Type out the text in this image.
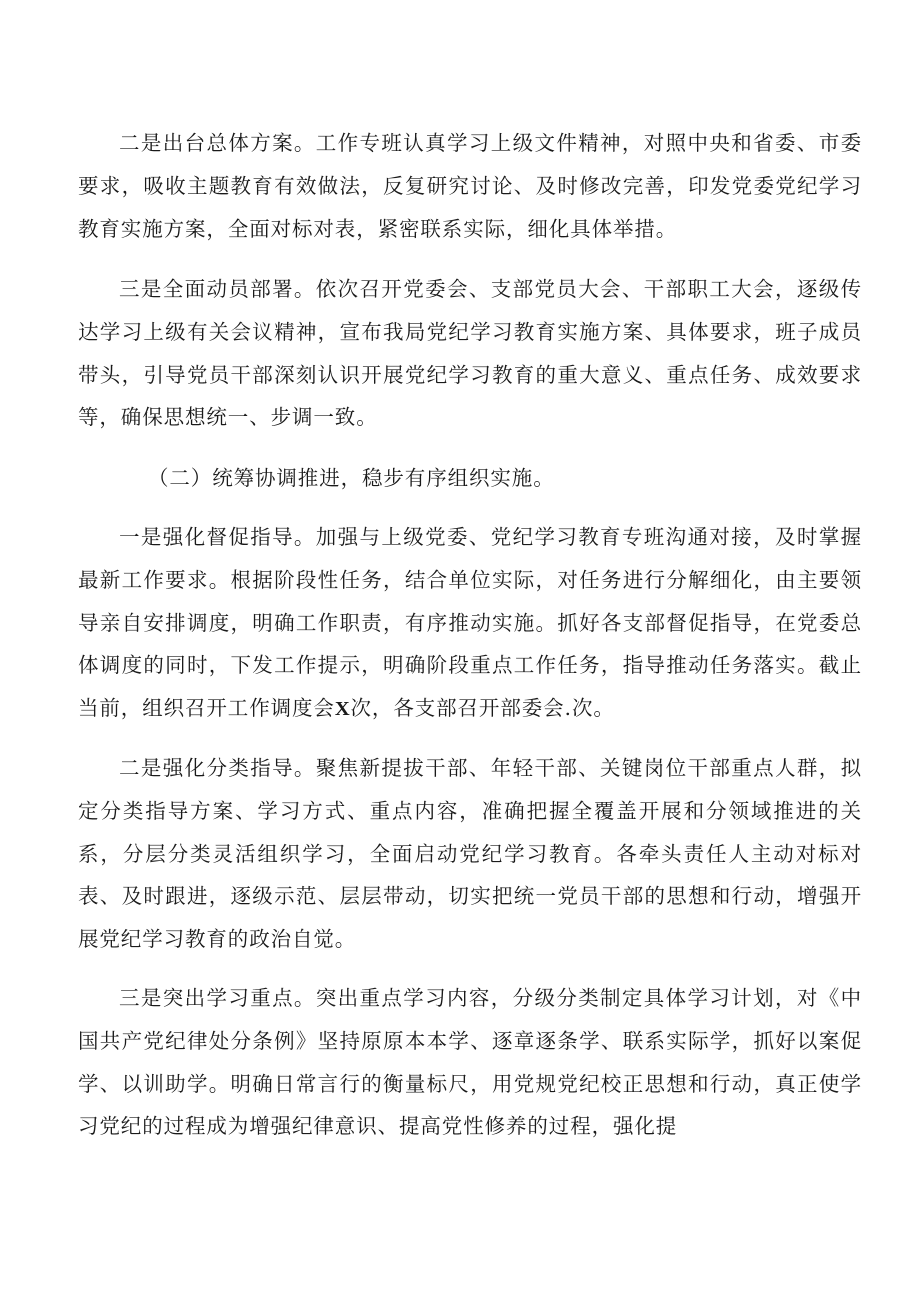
二是出台总体方案。工作专班认真学习上级文件精神，对照中央和省委、市委要求，吸收主题教育有效做法，反复研究讨论、及时修改完善，印发党委党纪学习教育实施方案，全面对标对表，紧密联系实际，细化具体举措。

三是全面动员部署。依次召开党委会、支部党员大会、干部职工大会，逐级传达学习上级有关会议精神，宣布我局党纪学习教育实施方案、具体要求，班子成员带头，引导党员干部深刻认识开展党纪学习教育的重大意义、重点任务、成效要求等，确保思想统一、步调一致。

（二）统筹协调推进，稳步有序组织实施。

一是强化督促指导。加强与上级党委、党纪学习教育专班沟通对接，及时掌握最新工作要求。根据阶段性任务，结合单位实际，对任务进行分解细化，由主要领导亲自安排调度，明确工作职责，有序推动实施。抓好各支部督促指导，在党委总体调度的同时，下发工作提示，明确阶段重点工作任务，指导推动任务落实。截止当前，组织召开工作调度会X次，各支部召开部委会.次。

二是强化分类指导。聚焦新提拔干部、年轻干部、关键岗位干部重点人群，拟定分类指导方案、学习方式、重点内容，准确把握全覆盖开展和分领域推进的关系，分层分类灵活组织学习，全面启动党纪学习教育。各牵头责任人主动对标对表、及时跟进，逐级示范、层层带动，切实把统一党员干部的思想和行动，增强开展党纪学习教育的政治自觉。

三是突出学习重点。突出重点学习内容，分级分类制定具体学习计划，对《中国共产党纪律处分条例》坚持原原本本学、逐章逐条学、联系实际学，抓好以案促学、以训助学。明确日常言行的衡量标尺，用党规党纪校正思想和行动，真正使学习党纪的过程成为增强纪律意识、提高党性修养的过程，强化提
